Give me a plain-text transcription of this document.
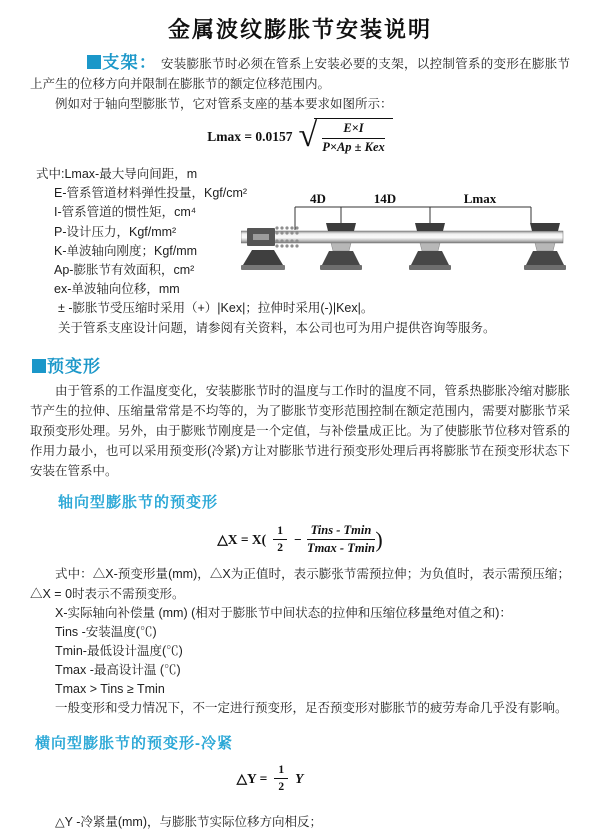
金属波纹膨胀节安装说明

支架： 安装膨胀节时必须在管系上安装必要的支架，以控制管系的变形在膨胀节上产生的位移方向并限制在膨胀节的额定位移范围内。

例如对于轴向型膨胀节，它对管系支座的基本要求如图所示：

Lmax = 0.0157 √ $\frac{E\times I}{\text{P×Ap ± Kex}}$
式中:Lmax-最大导向间距，m
E-管系管道材料弹性投量，Kgf/cm²
I-管系管道的惯性矩，cm⁴
P-设计压力，Kgf/mm²
K-单波轴向刚度；Kgf/mm
Ap-膨胀节有效面积，cm²
ex-单波轴向位移，mm
± -膨胀节受压缩时采用（+）|Kex|；拉伸时采用(-)|Kex|。
关于管系支座设计问题，请参阅有关资料，本公司也可为用户提供咨询等服务。
4D	14D	Lmax
预变形

由于管系的工作温度变化，安装膨胀节时的温度与工作时的温度不同，管系热膨胀冷缩对膨胀节产生的拉伸、压缩量常常是不均等的，为了膨胀节变形范围控制在额定范围内，需要对膨胀节采取预变形处理。另外，由于膨账节刚度是一个定值，与补偿量成正比。为了使膨胀节位移对管系的作用力最小，也可以采用预变形(冷紧)方让对膨胀节进行预变形处理后再将膨胀节在预变形状态下安装在管系中。

轴向型膨胀节的预变形
△X = $X( \frac{1}{2} - \frac{\text{Tins - Tmin}}{Tmax - Tmin}$ )

式中：△X-预变形量(mm)，△X为正值时，表示膨张节需预拉伸；为负值时，表示需预压缩；△X = 0时表示不需预变形。

X-实际轴向补偿量 (mm) (相对于膨胀节中间状态的拉伸和压缩位移量绝对值之和)：
Tins -安装温度(℃)
Tmin-最低设计温度(℃)
Tmax -最高设计温 (℃)
Tmax > Tins ≥ Tmin
一般变形和受力情况下，不一定进行预变形，足否预变形对膨胀节的疲劳寿命几乎没有影响。
横向型膨胀节的预变形-冷紧
△Y = $\frac{1}{2}$ Y
△Y -冷紧量(mm)，与膨胀节实际位移方向相反；
